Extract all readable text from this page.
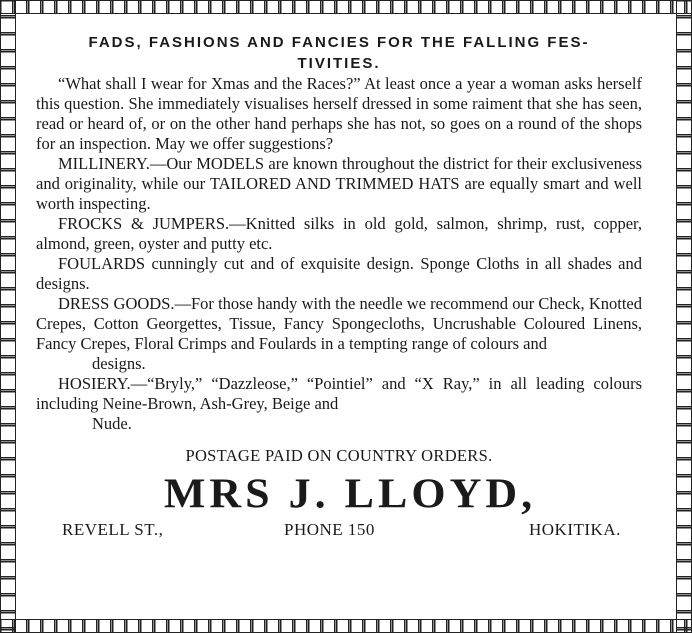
FADS, FASHIONS AND FANCIES FOR THE FALLING FES-
TIVITIES.

“What shall I wear for Xmas and the Races?” At least once a year a woman asks herself this question. She immediately visualises herself dressed in some raiment that she has seen, read or heard of, or on the other hand perhaps she has not, so goes on a round of the shops for an inspection. May we offer suggestions?

MILLINERY.—Our MODELS are known throughout the district for their exclusiveness and originality, while our TAILORED AND TRIMMED HATS are equally smart and well worth inspecting.

FROCKS & JUMPERS.—Knitted silks in old gold, salmon, shrimp, rust, copper, almond, green, oyster and putty etc.

FOULARDS cunningly cut and of exquisite design. Sponge Cloths in all shades and designs.

DRESS GOODS.—For those handy with the needle we recommend our Check, Knotted Crepes, Cotton Georgettes, Tissue, Fancy Spongecloths, Uncrushable Coloured Linens, Fancy Crepes, Floral Crimps and Foulards in a tempting range of colours and

designs.

HOSIERY.—“Bryly,” “Dazzleose,” “Pointiel” and “X Ray,” in all leading colours including Neine-Brown, Ash-Grey, Beige and

Nude.

POSTAGE PAID ON COUNTRY ORDERS.

MRS J. LLOYD,
REVELL ST.,	PHONE 150	HOKITIKA.
